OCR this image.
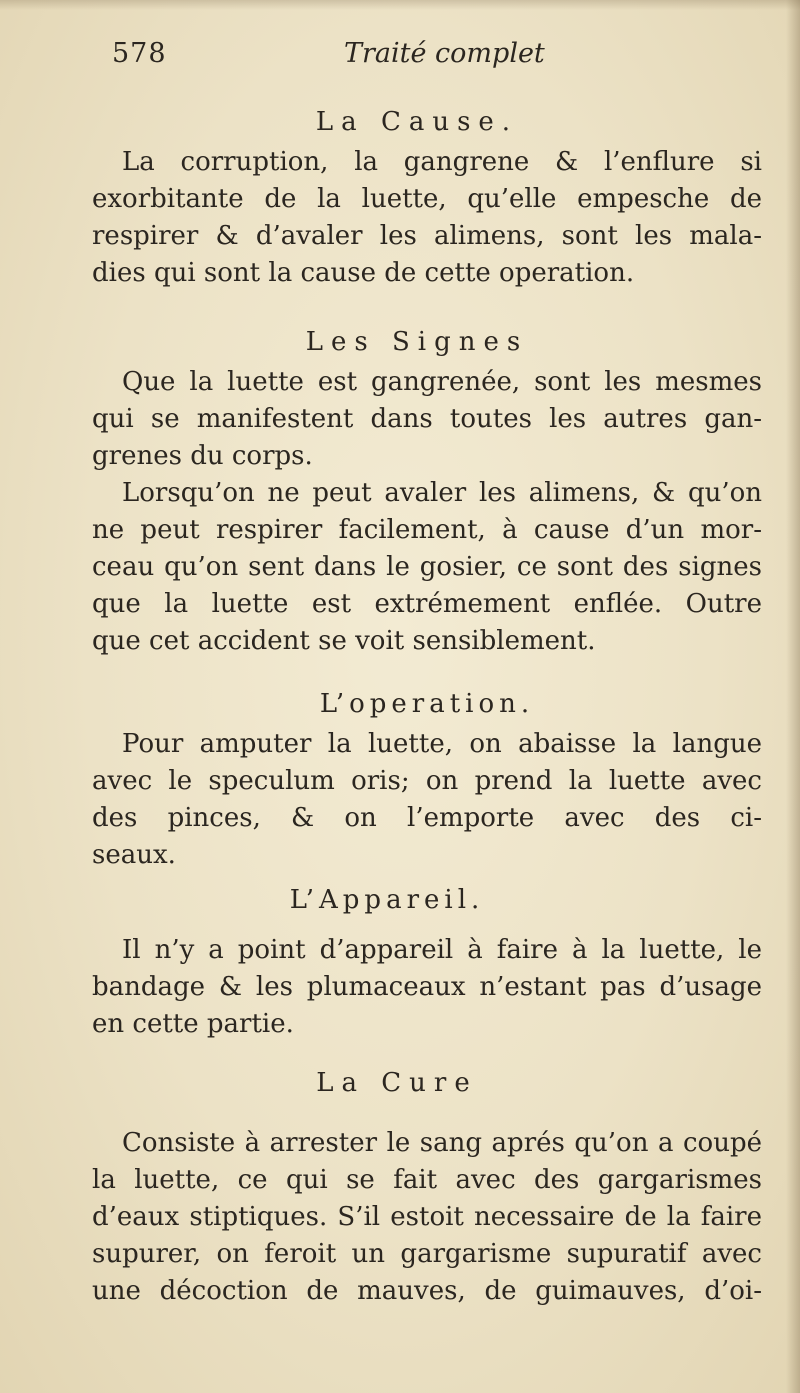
578	Traité complet
La Cause.
La corruption, la gangrene & l’enflure si
exorbitante de la luette, qu’elle empesche de
respirer & d’avaler les alimens, sont les mala-
dies qui sont la cause de cette operation.
Les Signes
Que la luette est gangrenée, sont les mesmes
qui se manifestent dans toutes les autres gan-
grenes du corps.
Lorsqu’on ne peut avaler les alimens, & qu’on
ne peut respirer facilement, à cause d’un mor-
ceau qu’on sent dans le gosier, ce sont des signes
que la luette est extrémement enflée. Outre
que cet accident se voit sensiblement.
L’operation.
Pour amputer la luette, on abaisse la langue
avec le speculum oris; on prend la luette avec
des pinces, & on l’emporte avec des ci-
seaux.
L’Appareil.
Il n’y a point d’appareil à faire à la luette, le
bandage & les plumaceaux n’estant pas d’usage
en cette partie.
La Cure
Consiste à arrester le sang aprés qu’on a coupé
la luette, ce qui se fait avec des gargarismes
d’eaux stiptiques. S’il estoit necessaire de la faire
supurer, on feroit un gargarisme supuratif avec
une décoction de mauves, de guimauves, d’oi-
